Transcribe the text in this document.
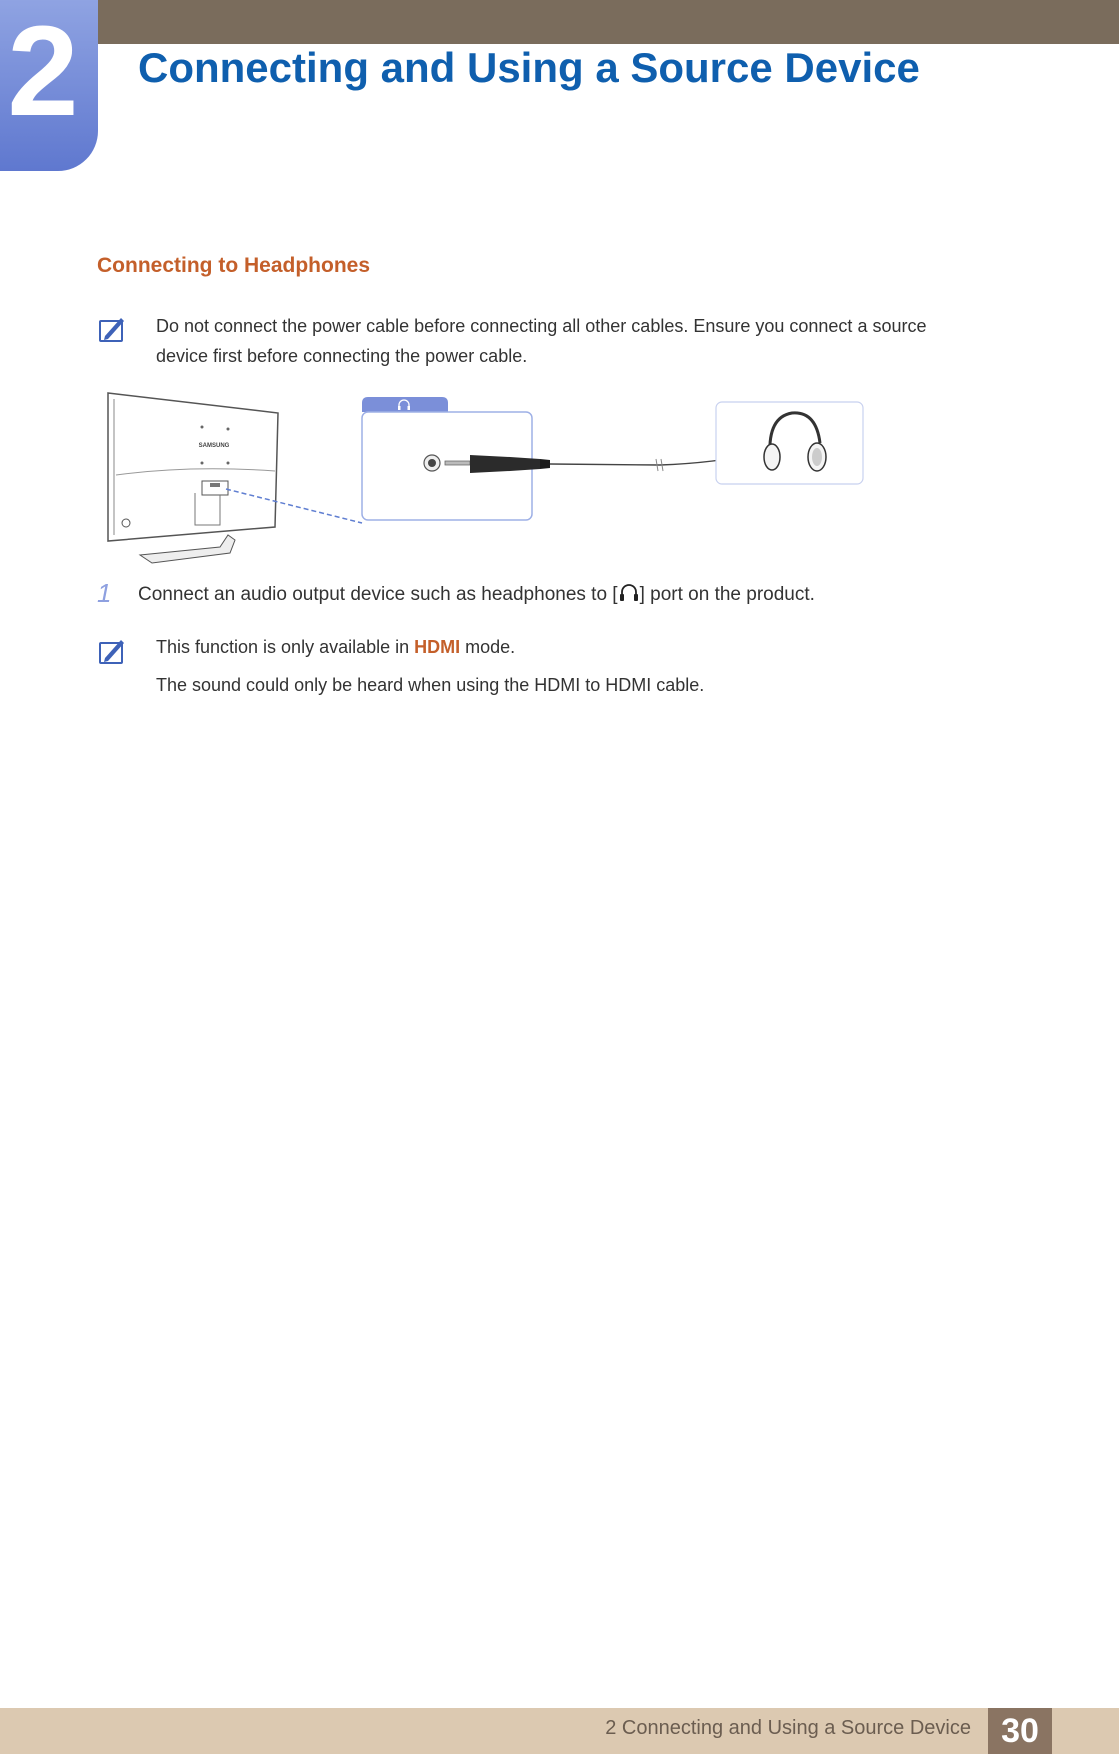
2 Connecting and Using a Source Device
Connecting to Headphones
Do not connect the power cable before connecting all other cables. Ensure you connect a source
device first before connecting the power cable.
SAMSUNG
1 Connect an audio output device such as headphones to [ ] port on the product.
This function is only available in HDMI mode.
The sound could only be heard when using the HDMI to HDMI cable.
2 Connecting and Using a Source Device 30
